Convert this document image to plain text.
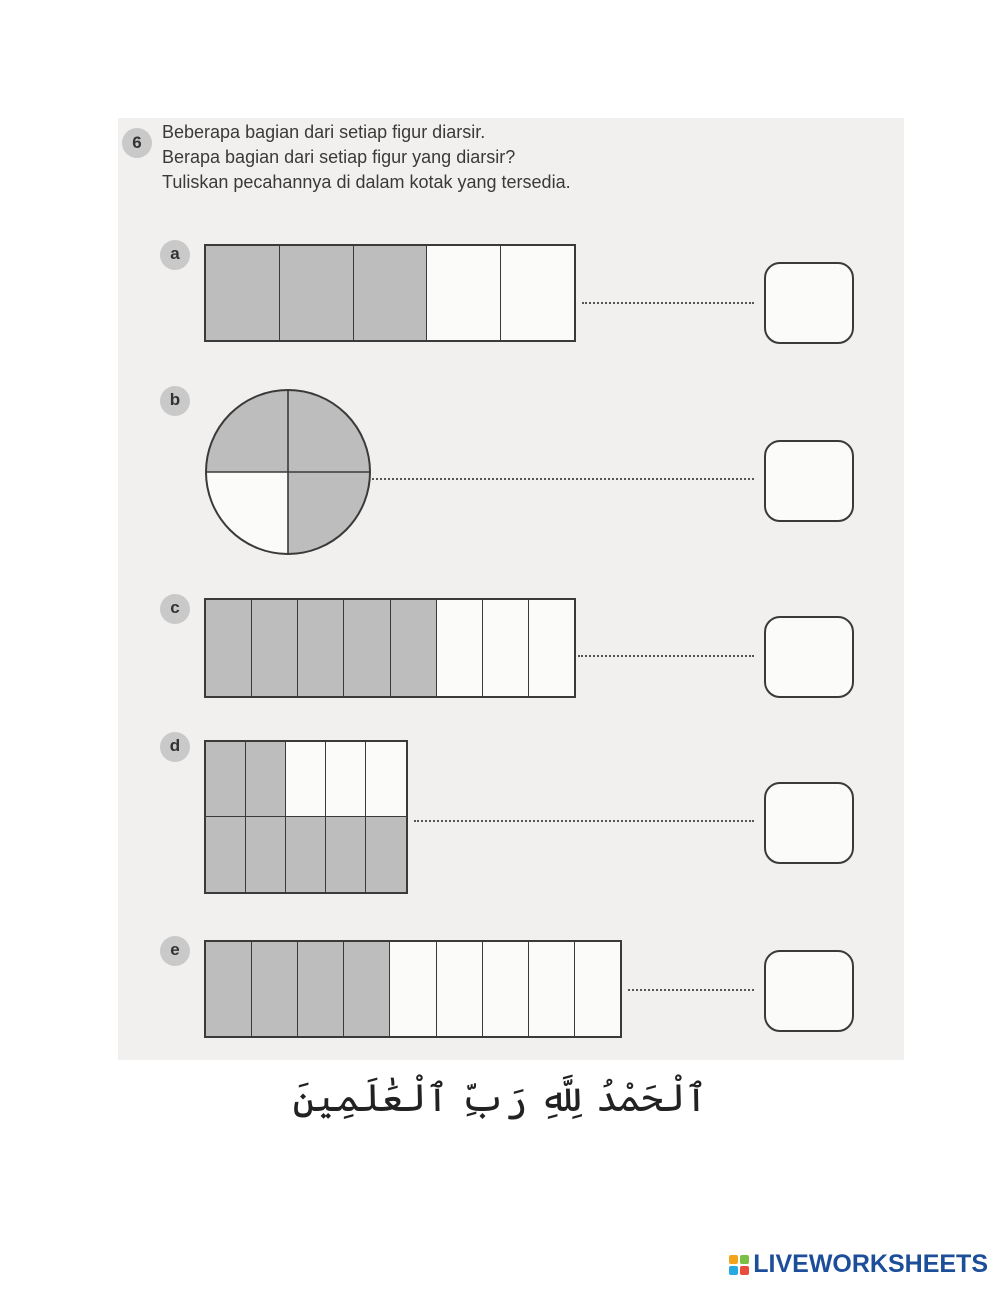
6
Beberapa bagian dari setiap figur diarsir.
Berapa bagian dari setiap figur yang diarsir?
Tuliskan pecahannya di dalam kotak yang tersedia.
a
b
c
d
e
ٱلْحَمْدُ لِلَّهِ رَبِّ ٱلْعَٰلَمِينَ
LIVEWORKSHEETS
